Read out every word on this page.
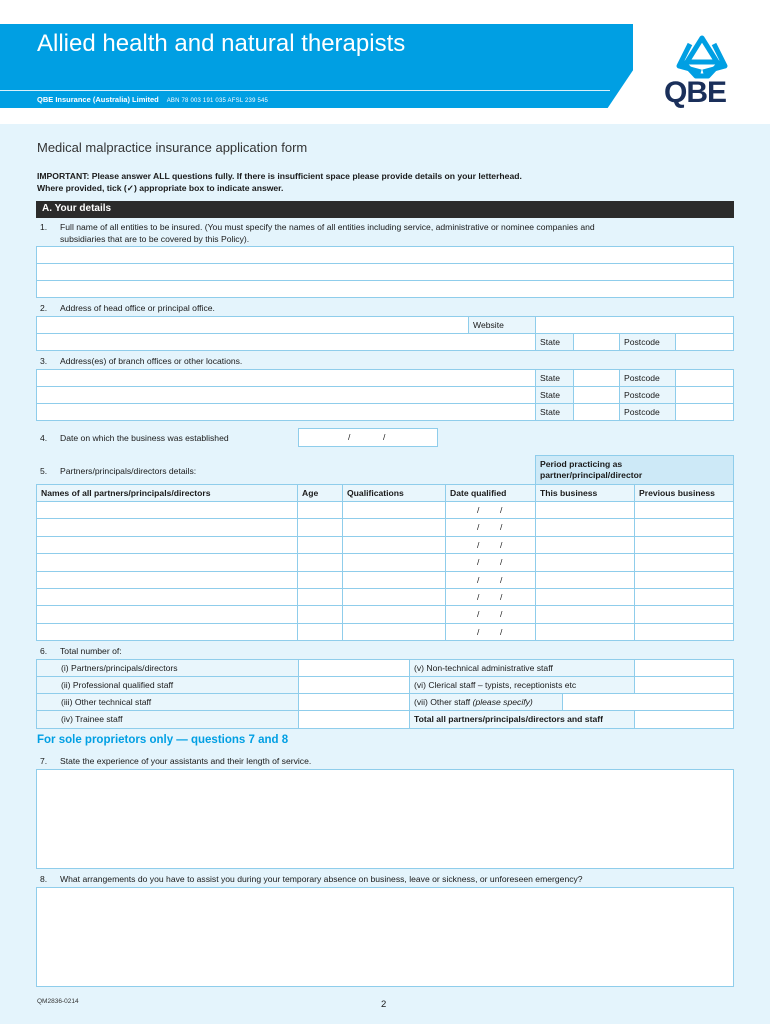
Allied health and natural therapists
QBE Insurance (Australia) Limited ABN 78 003 191 035 AFSL 239 545	QBE
Medical malpractice insurance application form
IMPORTANT: Please answer ALL questions fully. If there is insufficient space please provide details on your letterhead.
Where provided, tick (✓) appropriate box to indicate answer.
A. Your details
1. Full name of all entities to be insured. (You must specify the names of all entities including service, administrative or nominee companies and
subsidiaries that are to be covered by this Policy).
2. Address of head office or principal office.
Website
State	Postcode
3. Address(es) of branch offices or other locations.
State	Postcode
State	Postcode
State	Postcode
4. Date on which the business was established	/	/
5. Partners/principals/directors details:
Period practicing as
partner/principal/director
Names of all partners/principals/directors	Age	Qualifications	Date qualified	This business	Previous business
/ /
/ /
/ /
/ /
/ /
/ /
/ /
/ /
6. Total number of:
(i) Partners/principals/directors	(v) Non-technical administrative staff
(ii) Professional qualified staff	(vi) Clerical staff – typists, receptionists etc
(iii) Other technical staff	(vii) Other staff (please specify)
(iv) Trainee staff	Total all partners/principals/directors and staff
For sole proprietors only — questions 7 and 8
7. State the experience of your assistants and their length of service.
8. What arrangements do you have to assist you during your temporary absence on business, leave or sickness, or unforeseen emergency?
QM2836-0214	2
